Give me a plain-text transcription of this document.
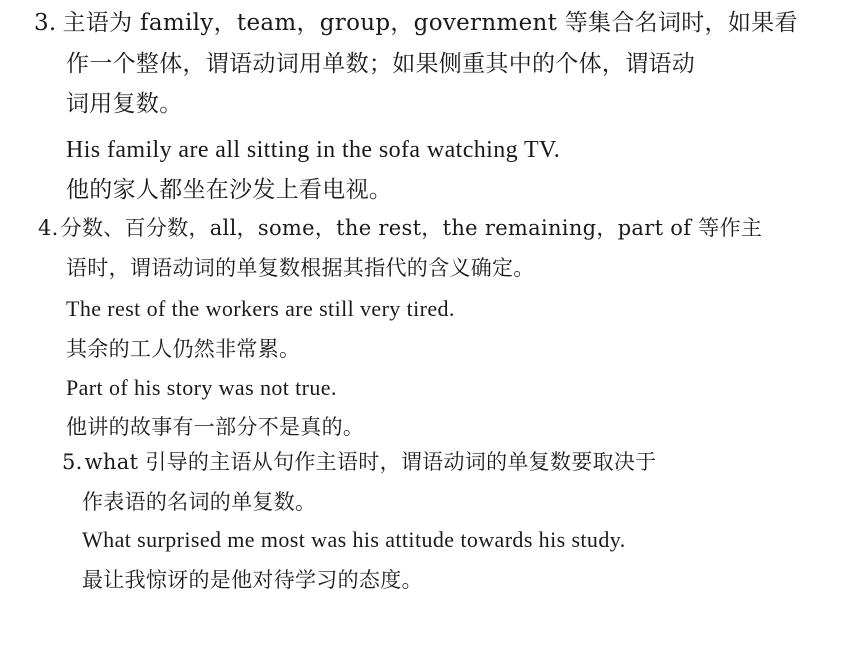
3. 主语为 family，team，group，government 等集合名词时，如果看
作一个整体，谓语动词用单数；如果侧重其中的个体，谓语动
词用复数。
His family are all sitting in the sofa watching TV.
他的家人都坐在沙发上看电视。
4.分数、百分数，all，some，the rest，the remaining，part of 等作主
语时，谓语动词的单复数根据其指代的含义确定。
The rest of the workers are still very tired.
其余的工人仍然非常累。
Part of his story was not true.
他讲的故事有一部分不是真的。
5.what 引导的主语从句作主语时，谓语动词的单复数要取决于
作表语的名词的单复数。
What surprised me most was his attitude towards his study.
最让我惊讶的是他对待学习的态度。
